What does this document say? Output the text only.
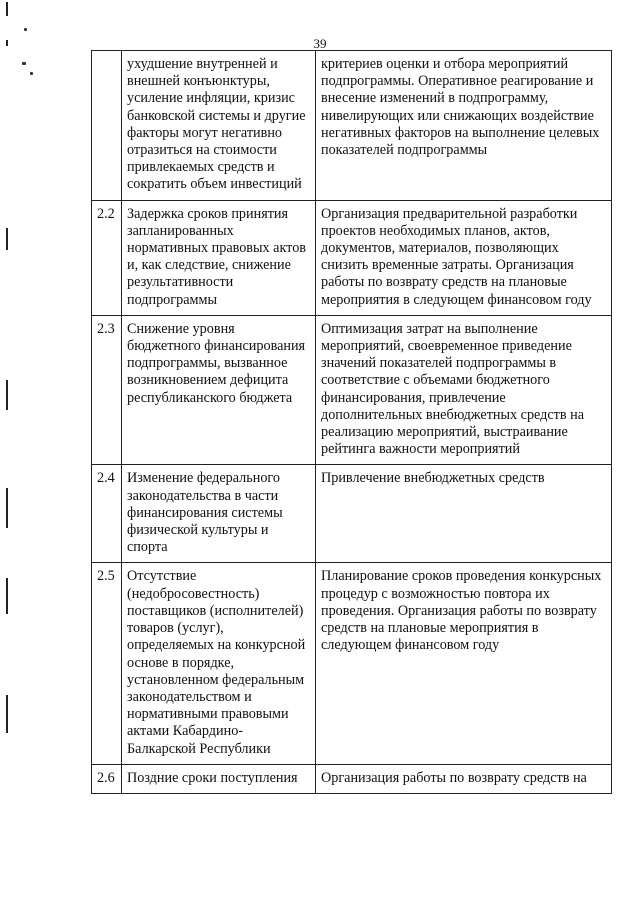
39
	ухудшение внутренней и внешней конъюнктуры, усиление инфляции, кризис банковской системы и другие факторы могут негативно отразиться на стоимости привлекаемых средств и сократить объем инвестиций	критериев оценки и отбора мероприятий подпрограммы. Оперативное реагирование и внесение изменений в подпрограмму, нивелирующих или снижающих воздействие негативных факторов на выполнение целевых показателей подпрограммы
2.2	Задержка сроков принятия запланированных нормативных правовых актов и, как следствие, снижение результативности подпрограммы	Организация предварительной разработки проектов необходимых планов, актов, документов, материалов, позволяющих снизить временные затраты. Организация работы по возврату средств на плановые мероприятия в следующем финансовом году
2.3	Снижение уровня бюджетного финансирования подпрограммы, вызванное возникновением дефицита республиканского бюджета	Оптимизация затрат на выполнение мероприятий, своевременное приведение значений показателей подпрограммы в соответствие с объемами бюджетного финансирования, привлечение дополнительных внебюджетных средств на реализацию мероприятий, выстраивание рейтинга важности мероприятий
2.4	Изменение федерального законодательства в части финансирования системы физической культуры и спорта	Привлечение внебюджетных средств
2.5	Отсутствие (недобросовестность) поставщиков (исполнителей) товаров (услуг), определяемых на конкурсной основе в порядке, установленном федеральным законодательством и нормативными правовыми актами Кабардино-Балкарской Республики	Планирование сроков проведения конкурсных процедур с возможностью повтора их проведения. Организация работы по возврату средств на плановые мероприятия в следующем финансовом году
2.6	Поздние сроки поступления	Организация работы по возврату средств на
